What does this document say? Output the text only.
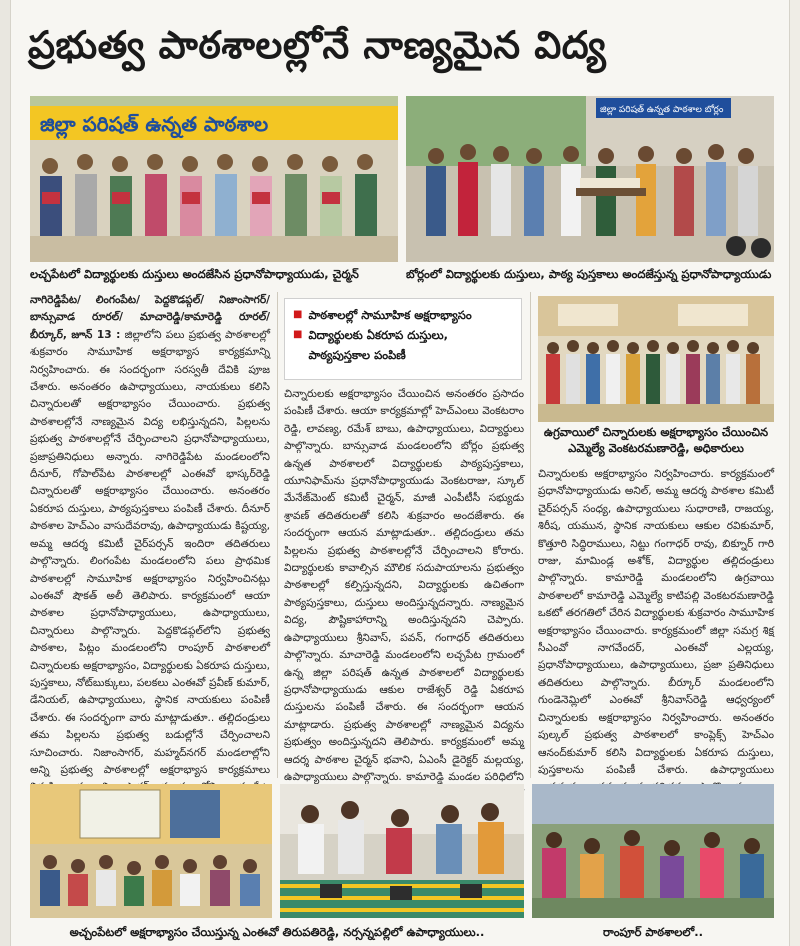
ప్రభుత్వ పాఠశాలల్లోనే నాణ్యమైన విద్య
జిల్లా పరిషత్ ఉన్నత పాఠశాల
లచ్చపేటలో విద్యార్థులకు దుస్తులు అందజేసిన ప్రధానోపాధ్యాయుడు, చైర్మన్
జిల్లా పరిషత్ ఉన్నత పాఠశాల బోర్లం
బోర్లంలో విద్యార్థులకు దుస్తులు, పాఠ్య పుస్తకాలు అందజేస్తున్న ప్రధానోపాధ్యాయుడు
■ పాఠశాలల్లో సామూహిక అక్షరాభ్యాసం
■ విద్యార్థులకు ఏకరూప దుస్తులు, పాఠ్యపుస్తకాల పంపిణీ
ఉగ్రవాయిలో చిన్నారులకు అక్షరాభ్యాసం చేయించిన
ఎమ్మెల్యే వెంకటరమణారెడ్డి, అధికారులు

నాగిరెడ్డిపేట/ లింగంపేట/ పెద్దకొడప్గల్/ నిజాంసాగర్/ బాన్సువాడ రూరల్/ మాచారెడ్డి/కామారెడ్డి రూరల్/ బీర్కూర్, జూన్ 13 : జిల్లాలోని పలు ప్రభుత్వ పాఠశాలల్లో శుక్రవారం సామూహిక అక్షరాభ్యాస కార్యక్రమాన్ని నిర్వహించారు. ఈ సందర్భంగా సరస్వతీ దేవికి పూజ చేశారు. అనంతరం ఉపాధ్యాయులు, నాయకులు కలిసి చిన్నారులతో అక్షరాభ్యాసం చేయించారు. ప్రభుత్వ పాఠశాలల్లోనే నాణ్యమైన విద్య లభిస్తున్నదని, పిల్లలను ప్రభుత్వ పాఠశాలల్లోనే చేర్పించాలని ప్రధానోపాధ్యాయులు, ప్రజాప్రతినిధులు అన్నారు. నాగిరెడ్డిపేట మండలంలోని దీనూర్, గోపాల్‌పేట పాఠశాలల్లో ఎంఈవో భాస్కర్‌రెడ్డి చిన్నారులతో అక్షరాభ్యాసం చేయించారు. అనంతరం ఏకరూప దుస్తులు, పాఠ్యపుస్తకాలు పంపిణీ చేశారు. దీనూర్ పాఠశాల హెచ్‌ఎం వాసుదేవరావు, ఉపాధ్యాయుడు కిష్టయ్య, అమ్మ ఆదర్శ కమిటీ చైర్‌పర్సన్ ఇందిరా తదితరులు పాల్గొన్నారు. లింగంపేట మండలంలోని పలు ప్రాథమిక పాఠశాలల్లో సామూహిక అక్షరాభ్యాసం నిర్వహించినట్లు ఎంఈవో షౌకత్ అలీ తెలిపారు. కార్యక్రమంలో ఆయా పాఠశాల ప్రధానోపాధ్యాయులు, ఉపాధ్యాయులు, చిన్నారులు పాల్గొన్నారు. పెద్దకొడప్గల్‌లోని ప్రభుత్వ పాఠశాల, పిట్లం మండలంలోని రాంపూర్ పాఠశాలలో చిన్నారులకు అక్షరాభ్యాసం, విద్యార్థులకు ఏకరూప దుస్తులు, పుస్తకాలు, నోట్‌బుక్కులు, పలకలు ఎంఈవో ప్రవీణ్ కుమార్, డేనియల్, ఉపాధ్యాయులు, స్థానిక నాయకులు పంపిణీ చేశారు. ఈ సందర్భంగా వారు మాట్లాడుతూ.. తల్లిదండ్రులు తమ పిల్లలను ప్రభుత్వ బడుల్లోనే చేర్పించాలని సూచించారు. నిజాంసాగర్, మహ్మద్‌నగర్ మండలాల్లోని అన్ని ప్రభుత్వ పాఠశాలల్లో అక్షరాభ్యాస కార్యక్రమాలు

చిన్నారులకు అక్షరాభ్యాసం చేయించిన అనంతరం ప్రసాదం పంపిణీ చేశారు. ఆయా కార్యక్రమాల్లో హెచ్‌ఎంలు వెంకటరాం రెడ్డి, లావణ్య, రమేశ్ బాబు, ఉపాధ్యాయులు, విద్యార్థులు పాల్గొన్నారు. బాన్సువాడ మండలంలోని బోర్లం ప్రభుత్వ ఉన్నత పాఠశాలలో విద్యార్థులకు పాఠ్యపుస్తకాలు, యూనిఫామ్‌ను ప్రధానోపాధ్యాయుడు వెంకటరాజు, స్కూల్ మేనేజ్‌మెంట్ కమిటీ చైర్మన్, మాజీ ఎంపీటీసీ సభ్యుడు శ్రావణ్ తదితరులతో కలిసి శుక్రవారం అందజేశారు. ఈ సందర్భంగా ఆయన మాట్లాడుతూ.. తల్లిదండ్రులు తమ పిల్లలను ప్రభుత్వ పాఠశాలల్లోనే చేర్పించాలని కోరారు. విద్యార్థులకు కావాల్సిన మౌలిక సదుపాయాలను ప్రభుత్వం పాఠశాలల్లో కల్పిస్తున్నదని, విద్యార్థులకు ఉచితంగా పాఠ్యపుస్తకాలు, దుస్తులు అందిస్తున్నదన్నారు. నాణ్యమైన విద్య, పౌష్టికాహారాన్ని అందిస్తున్నదని చెప్పారు. ఉపాధ్యాయులు శ్రీనివాస్, పవన్, గంగాధర్ తదితరులు పాల్గొన్నారు. మాచారెడ్డి మండలంలోని లచ్చపేట గ్రామంలో ఉన్న జిల్లా పరిషత్ ఉన్నత పాఠశాలలో విద్యార్థులకు ప్రధానోపాధ్యాయుడు ఆకుల రాజేశ్వర్ రెడ్డి ఏకరూప దుస్తులను పంపిణీ చేశారు. ఈ సందర్భంగా ఆయన మాట్లాడారు. ప్రభుత్వ పాఠశాలల్లో నాణ్యమైన విద్యను ప్రభుత్వం అందిస్తున్నదని తెలిపారు. కార్యక్రమంలో అమ్మ ఆదర్శ పాఠశాల చైర్మన్ భవాని, ఏఎంసీ డైరెక్టర్ మల్లయ్య, ఉపాధ్యాయులు పాల్గొన్నారు. కామారెడ్డి మండల పరిధిలోని

చిన్నారులకు అక్షరాభ్యాసం నిర్వహించారు. కార్యక్రమంలో ప్రధానోపాధ్యాయుడు అనిల్, అమ్మ ఆదర్శ పాఠశాల కమిటీ చైర్‌పర్సన్ సంధ్య, ఉపాధ్యాయులు సుధారాణి, రాజయ్య, శిరీష, యమున, స్థానిక నాయకులు ఆకుల రవికుమార్, కొత్తూరి సిద్ధిరాములు, నిట్టు గంగాధర్ రావు, బిక్నూర్ గారి రాజు, మామిండ్ల అశోక్, విద్యార్థుల తల్లిదండ్రులు పాల్గొన్నారు. కామారెడ్డి మండలంలోని ఉగ్రవాయి పాఠశాలలో కామారెడ్డి ఎమ్మెల్యే కాటిపల్లి వెంకటరమణారెడ్డి ఒకటో తరగతిలో చేరిన విద్యార్థులకు శుక్రవారం సామూహిక అక్షరాభ్యాసం చేయించారు. కార్యక్రమంలో జిల్లా సమగ్ర శిక్ష సీఎంవో నాగవేందర్, ఎంఈవో ఎల్లయ్య, ప్రధానోపాధ్యాయులు, ఉపాధ్యాయులు, ప్రజా ప్రతినిధులు తదితరులు పాల్గొన్నారు. బీర్కూర్ మండలంలోని గుండెనెమ్లిలో ఎంఈవో శ్రీనివాస్‌రెడ్డి ఆధ్వర్యంలో చిన్నారులకు అక్షరాభ్యాసం నిర్వహించారు. అనంతరం పుల్కల్ ప్రభుత్వ పాఠశాలలో కాంప్లెక్స్ హెచ్‌ఎం ఆనంద్‌కుమార్ కలిసి విద్యార్థులకు ఏకరూప దుస్తులు, పుస్తకాలను పంపిణీ చేశారు. ఉపాధ్యాయులు

అచ్చంపేటలో అక్షరాభ్యాసం చేయిస్తున్న ఎంఈవో తిరుపతిరెడ్డి, నర్సన్నపల్లిలో ఉపాధ్యాయులు..	రాంపూర్ పాఠశాలలో..
